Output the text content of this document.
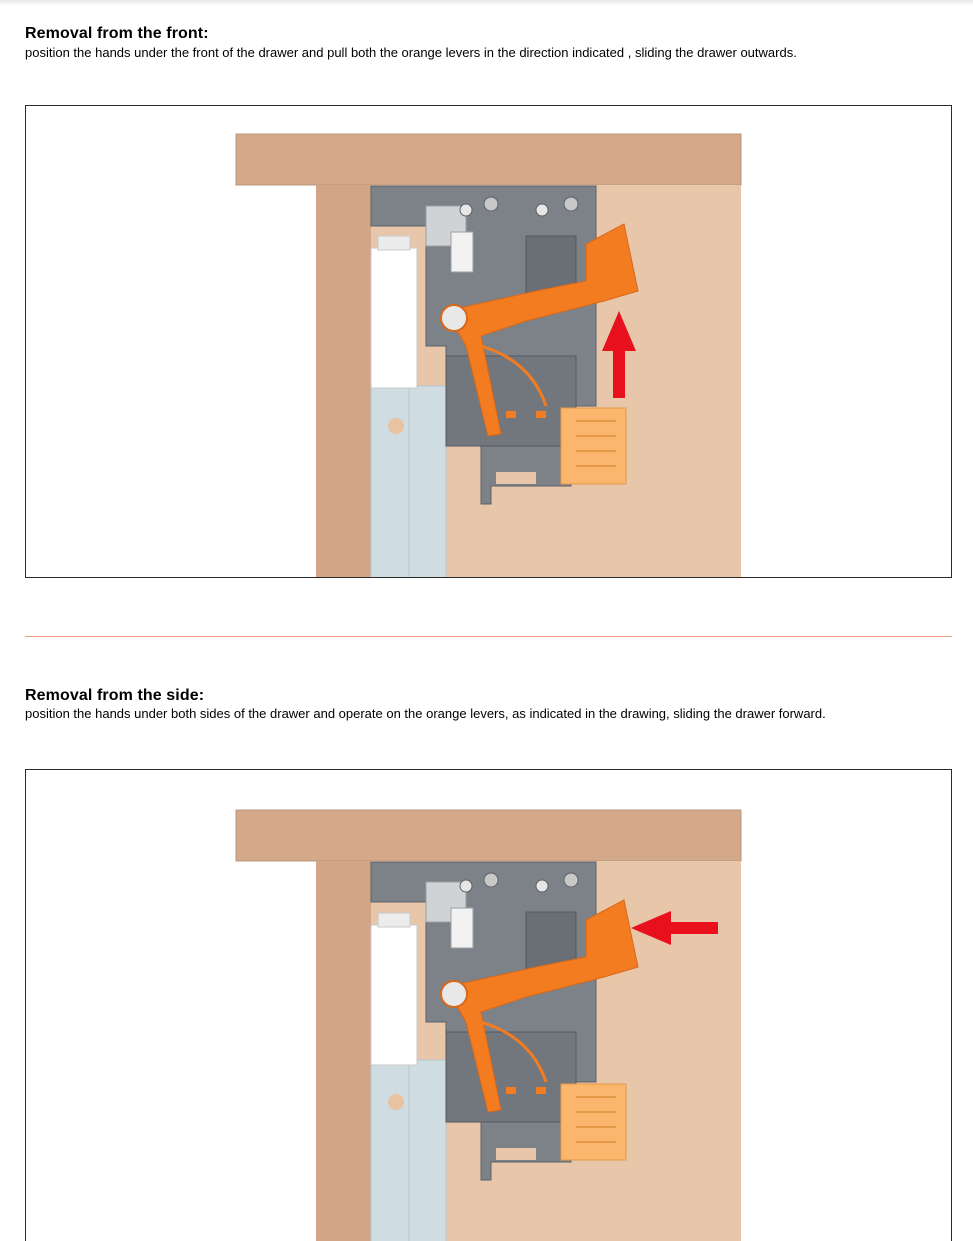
Removal from the front:

position the hands under the front of the drawer and pull both the orange levers in the direction indicated , sliding the drawer outwards.

Removal from the side:

position the hands under both sides of the drawer and operate on the orange levers, as indicated in the drawing, sliding the drawer forward.
